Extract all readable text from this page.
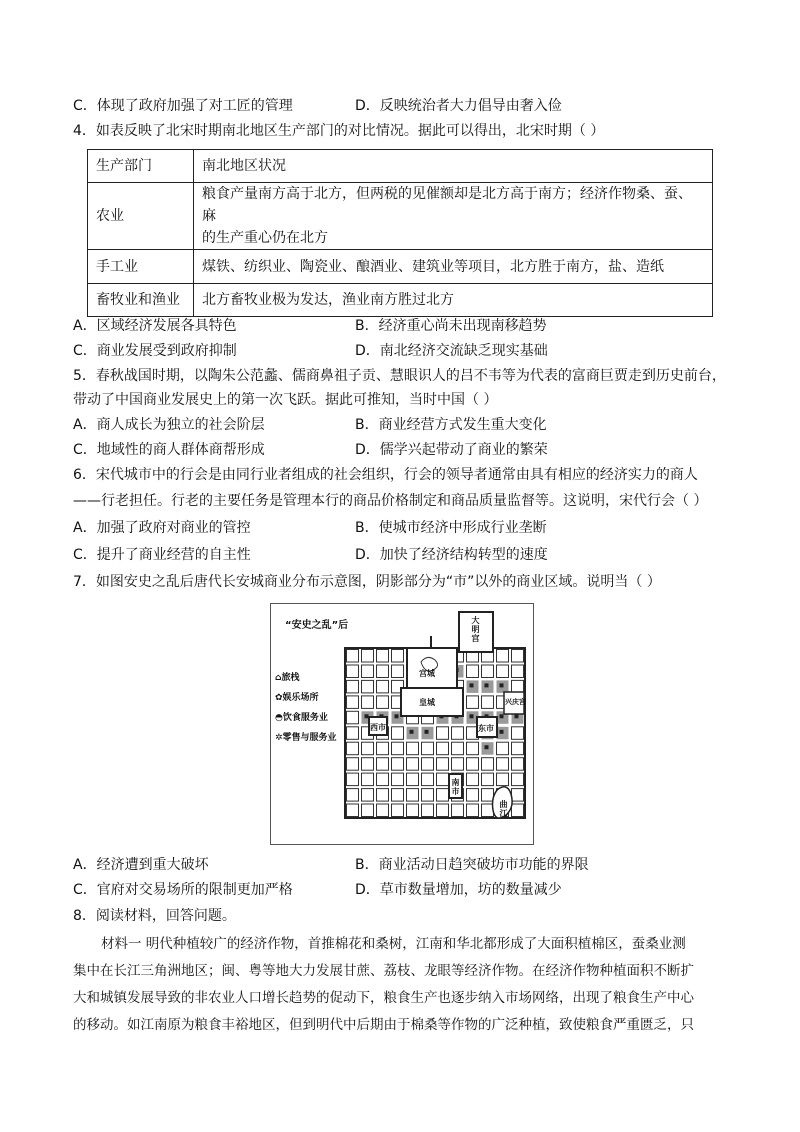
C．体现了政府加强了对工匠的管理	D．反映统治者大力倡导由奢入俭
4．如表反映了北宋时期南北地区生产部门的对比情况。据此可以得出，北宋时期（ ）
生产部门	南北地区状况
农业	粮食产量南方高于北方，但两税的见催额却是北方高于南方；经济作物桑、蚕、麻
的生产重心仍在北方

手工业	煤铁、纺织业、陶瓷业、酿酒业、建筑业等项目，北方胜于南方，盐、造纸
畜牧业和渔业	北方畜牧业极为发达，渔业南方胜过北方
A．区域经济发展各具特色	B．经济重心尚未出现南移趋势
C．商业发展受到政府抑制	D．南北经济交流缺乏现实基础
5．春秋战国时期，以陶朱公范蠡、儒商鼻祖子贡、慧眼识人的吕不韦等为代表的富商巨贾走到历史前台，
带动了中国商业发展史上的第一次飞跃。据此可推知，当时中国（ ）
A．商人成长为独立的社会阶层	B．商业经营方式发生重大变化
C．地域性的商人群体商帮形成	D．儒学兴起带动了商业的繁荣
6．宋代城市中的行会是由同行业者组成的社会组织，行会的领导者通常由具有相应的经济实力的商人
——行老担任。行老的主要任务是管理本行的商品价格制定和商品质量监督等。这说明，宋代行会（ ）
A．加强了政府对商业的管控	B．使城市经济中形成行业垄断
C．提升了商业经营的自主性	D．加快了经济结构转型的速度
7．如图安史之乱后唐代长安城商业分布示意图，阴影部分为“市”以外的商业区域。说明当（ ）
“安史之乱”后
⌂旅栈
✿娱乐场所
◓饮食服务业
✲零售与服务业
大明宫
宫城
皇城
西市	东市
兴庆宫
南市
曲江
A．经济遭到重大破坏	B．商业活动日趋突破坊市功能的界限
C．官府对交易场所的限制更加严格	D．草市数量增加，坊的数量减少
8．阅读材料，回答问题。
材料一 明代种植较广的经济作物，首推棉花和桑树，江南和华北都形成了大面积植棉区，蚕桑业测
集中在长江三角洲地区；闽、粤等地大力发展甘蔗、荔枝、龙眼等经济作物。在经济作物种植面积不断扩
大和城镇发展导致的非农业人口增长趋势的促动下，粮食生产也逐步纳入市场网络，出现了粮食生产中心
的移动。如江南原为粮食丰裕地区，但到明代中后期由于棉桑等作物的广泛种植，致使粮食严重匮乏，只
